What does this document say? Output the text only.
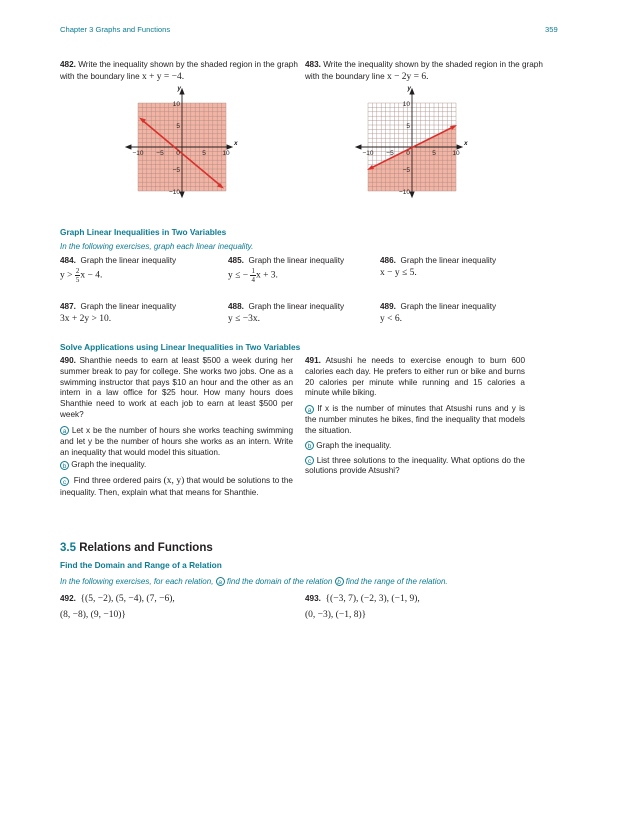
Chapter 3 Graphs and Functions	359
482. Write the inequality shown by the shaded region in the graph with the boundary line x + y = −4.
483. Write the inequality shown by the shaded region in the graph with the boundary line x − 2y = 6.
y
x
10
5
−5
−10
−10 −5 0	5	10
y
x
10
5
−5
−10
−10 −5 0	5	10
Graph Linear Inequalities in Two Variables
In the following exercises, graph each linear inequality.
484. Graph the linear inequality
$y > \frac{2}{5}$ x − 4.
485. Graph the linear inequality
y ≤ − $\frac{1}{4}$ x + 3.
486. Graph the linear inequality
x − y ≤ 5.
487. Graph the linear inequality
3x + 2y > 10.
488. Graph the linear inequality
y ≤ −3x.
489. Graph the linear inequality
y < 6.
Solve Applications using Linear Inequalities in Two Variables
490. Shanthie needs to earn at least $500 a week during her summer break to pay for college. She works two jobs. One as a swimming instructor that pays $10 an hour and the other as an intern in a law office for $25 hour. How many hours does Shanthie need to work at each job to earn at least $500 per week?
a Let x be the number of hours she works teaching swimming and let y be the number of hours she works as an intern. Write an inequality that would model this situation.
b Graph the inequality.
c Find three ordered pairs (x, y) that would be solutions to the inequality. Then, explain what that means for Shanthie.
491. Atsushi he needs to exercise enough to burn 600 calories each day. He prefers to either run or bike and burns 20 calories per minute while running and 15 calories a minute while biking.
a If x is the number of minutes that Atsushi runs and y is the number minutes he bikes, find the inequality that models the situation.
b Graph the inequality.
c List three solutions to the inequality. What options do the solutions provide Atsushi?
3.5 Relations and Functions
Find the Domain and Range of a Relation
In the following exercises, for each relation, a find the domain of the relation b find the range of the relation.
492. {(5, −2), (5, −4), (7, −6),
(8, −8), (9, −10)}
493. {(−3, 7), (−2, 3), (−1, 9),
(0, −3), (−1, 8)}
